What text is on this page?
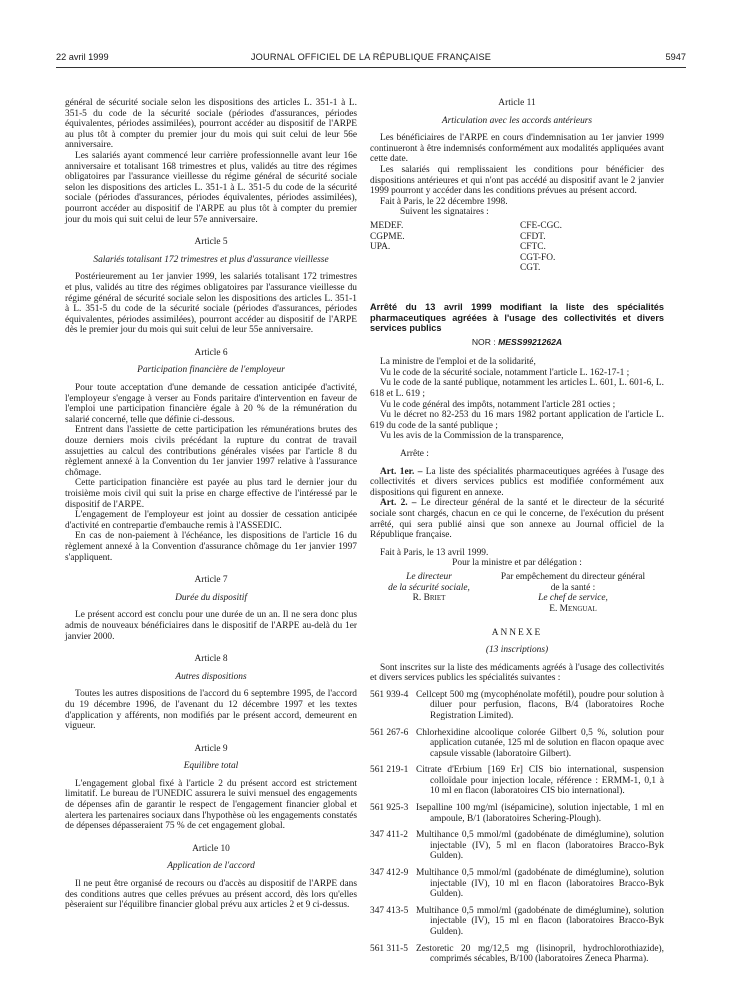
22 avril 1999	JOURNAL OFFICIEL DE LA RÉPUBLIQUE FRANÇAISE	5947

général de sécurité sociale selon les dispositions des articles L. 351-1 à L. 351-5 du code de la sécurité sociale (périodes d'assurances, périodes équivalentes, périodes assimilées), pourront accéder au dispositif de l'ARPE au plus tôt à compter du premier jour du mois qui suit celui de leur 56e anniversaire.

Les salariés ayant commencé leur carrière professionnelle avant leur 16e anniversaire et totalisant 168 trimestres et plus, validés au titre des régimes obligatoires par l'assurance vieillesse du régime général de sécurité sociale selon les dispositions des articles L. 351-1 à L. 351-5 du code de la sécurité sociale (périodes d'assurances, périodes équivalentes, périodes assimilées), pourront accéder au dispositif de l'ARPE au plus tôt à compter du premier jour du mois qui suit celui de leur 57e anniversaire.

Article 5

Salariés totalisant 172 trimestres et plus d'assurance vieillesse

Postérieurement au 1er janvier 1999, les salariés totalisant 172 trimestres et plus, validés au titre des régimes obligatoires par l'assurance vieillesse du régime général de sécurité sociale selon les dispositions des articles L. 351-1 à L. 351-5 du code de la sécurité sociale (périodes d'assurances, périodes équivalentes, périodes assimilées), pourront accéder au dispositif de l'ARPE dès le premier jour du mois qui suit celui de leur 55e anniversaire.

Article 6

Participation financière de l'employeur

Pour toute acceptation d'une demande de cessation anticipée d'activité, l'employeur s'engage à verser au Fonds paritaire d'intervention en faveur de l'emploi une participation financière égale à 20 % de la rémunération du salarié concerné, telle que définie ci-dessous.

Entrent dans l'assiette de cette participation les rémunérations brutes des douze derniers mois civils précédant la rupture du contrat de travail assujetties au calcul des contributions générales visées par l'article 8 du règlement annexé à la Convention du 1er janvier 1997 relative à l'assurance chômage.

Cette participation financière est payée au plus tard le dernier jour du troisième mois civil qui suit la prise en charge effective de l'intéressé par le dispositif de l'ARPE.

L'engagement de l'employeur est joint au dossier de cessation anticipée d'activité en contrepartie d'embauche remis à l'ASSEDIC.

En cas de non-paiement à l'échéance, les dispositions de l'article 16 du règlement annexé à la Convention d'assurance chômage du 1er janvier 1997 s'appliquent.

Article 7

Durée du dispositif

Le présent accord est conclu pour une durée de un an. Il ne sera donc plus admis de nouveaux bénéficiaires dans le dispositif de l'ARPE au-delà du 1er janvier 2000.

Article 8

Autres dispositions

Toutes les autres dispositions de l'accord du 6 septembre 1995, de l'accord du 19 décembre 1996, de l'avenant du 12 décembre 1997 et les textes d'application y afférents, non modifiés par le présent accord, demeurent en vigueur.

Article 9

Equilibre total

L'engagement global fixé à l'article 2 du présent accord est strictement limitatif. Le bureau de l'UNEDIC assurera le suivi mensuel des engagements de dépenses afin de garantir le respect de l'engagement financier global et alertera les partenaires sociaux dans l'hypothèse où les engagements constatés de dépenses dépasseraient 75 % de cet engagement global.

Article 10

Application de l'accord

Il ne peut être organisé de recours ou d'accès au dispositif de l'ARPE dans des conditions autres que celles prévues au présent accord, dès lors qu'elles pèseraient sur l'équilibre financier global prévu aux articles 2 et 9 ci-dessus.

Article 11

Articulation avec les accords antérieurs

Les bénéficiaires de l'ARPE en cours d'indemnisation au 1er janvier 1999 continueront à être indemnisés conformément aux modalités appliquées avant cette date.

Les salariés qui remplissaient les conditions pour bénéficier des dispositions antérieures et qui n'ont pas accédé au dispositif avant le 2 janvier 1999 pourront y accéder dans les conditions prévues au présent accord.

Fait à Paris, le 22 décembre 1998.

Suivent les signataires :

MEDEF.
CGPME.
UPA.
CFE-CGC.
CFDT.
CFTC.
CGT-FO.
CGT.

Arrêté du 13 avril 1999 modifiant la liste des spécialités pharmaceutiques agréées à l'usage des collectivités et divers services publics

NOR : MESS9921262A

La ministre de l'emploi et de la solidarité,

Vu le code de la sécurité sociale, notamment l'article L. 162-17-1 ;

Vu le code de la santé publique, notamment les articles L. 601, L. 601-6, L. 618 et L. 619 ;

Vu le code général des impôts, notamment l'article 281 octies ;

Vu le décret no 82-253 du 16 mars 1982 portant application de l'article L. 619 du code de la santé publique ;

Vu les avis de la Commission de la transparence,

Arrête :

Art. 1er. – La liste des spécialités pharmaceutiques agréées à l'usage des collectivités et divers services publics est modifiée conformément aux dispositions qui figurent en annexe.

Art. 2. – Le directeur général de la santé et le directeur de la sécurité sociale sont chargés, chacun en ce qui le concerne, de l'exécution du présent arrêté, qui sera publié ainsi que son annexe au Journal officiel de la République française.

Fait à Paris, le 13 avril 1999.

Pour la ministre et par délégation :

Le directeur
de la sécurité sociale,
R. Briet
Par empêchement du directeur général
de la santé :
Le chef de service,
E. Mengual

ANNEXE

(13 inscriptions)

Sont inscrites sur la liste des médicaments agréés à l'usage des collectivités et divers services publics les spécialités suivantes :

561 939-4 Cellcept 500 mg (mycophénolate mofétil), poudre pour solution à diluer pour perfusion, flacons, B/4 (laboratoires Roche Registration Limited).
561 267-6 Chlorhexidine alcoolique colorée Gilbert 0,5 %, solution pour application cutanée, 125 ml de solution en flacon opaque avec capsule vissable (laboratoire Gilbert).
561 219-1 Citrate d'Erbium [169 Er] CIS bio international, suspension colloïdale pour injection locale, référence : ERMM-1, 0,1 à 10 ml en flacon (laboratoires CIS bio international).
561 925-3 Isepalline 100 mg/ml (isépamicine), solution injectable, 1 ml en ampoule, B/1 (laboratoires Schering-Plough).
347 411-2 Multihance 0,5 mmol/ml (gadobénate de diméglumine), solution injectable (IV), 5 ml en flacon (laboratoires Bracco-Byk Gulden).
347 412-9 Multihance 0,5 mmol/ml (gadobénate de diméglumine), solution injectable (IV), 10 ml en flacon (laboratoires Bracco-Byk Gulden).
347 413-5 Multihance 0,5 mmol/ml (gadobénate de diméglumine), solution injectable (IV), 15 ml en flacon (laboratoires Bracco-Byk Gulden).
561 311-5 Zestoretic 20 mg/12,5 mg (lisinopril, hydrochlorothiazide), comprimés sécables, B/100 (laboratoires Zeneca Pharma).
